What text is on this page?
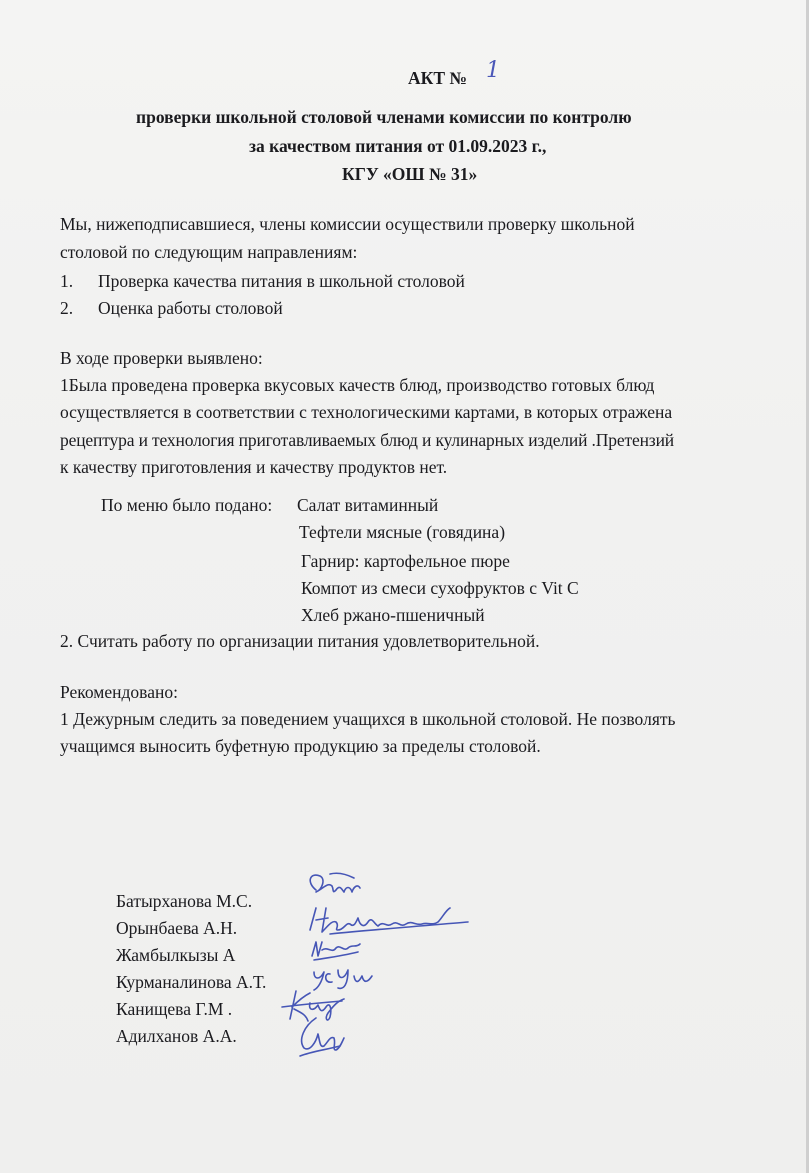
АКТ № 1
проверки школьной столовой членами комиссии по контролю
за качеством питания от 01.09.2023 г.,
КГУ «ОШ № 31»
Мы, нижеподписавшиеся, члены комиссии осуществили проверку школьной
столовой по следующим направлениям:
1. Проверка качества питания в школьной столовой
2. Оценка работы столовой
В ходе проверки выявлено:
1Была проведена проверка вкусовых качеств блюд, производство готовых блюд
осуществляется в соответствии с технологическими картами, в которых отражена
рецептура и технология приготавливаемых блюд и кулинарных изделий .Претензий
к качеству приготовления и качеству продуктов нет.
По меню было подано: Салат витаминный
Тефтели мясные (говядина)
Гарнир: картофельное пюре
Компот из смеси сухофруктов с Vit C
Хлеб ржано-пшеничный
2. Считать работу по организации питания удовлетворительной.
Рекомендовано:
1 Дежурным следить за поведением учащихся в школьной столовой. Не позволять
учащимся выносить буфетную продукцию за пределы столовой.
Батырханова М.С.
Орынбаева А.Н.
Жамбылкызы А
Курманалинова А.Т.
Канищева Г.М .
Адилханов А.А.
